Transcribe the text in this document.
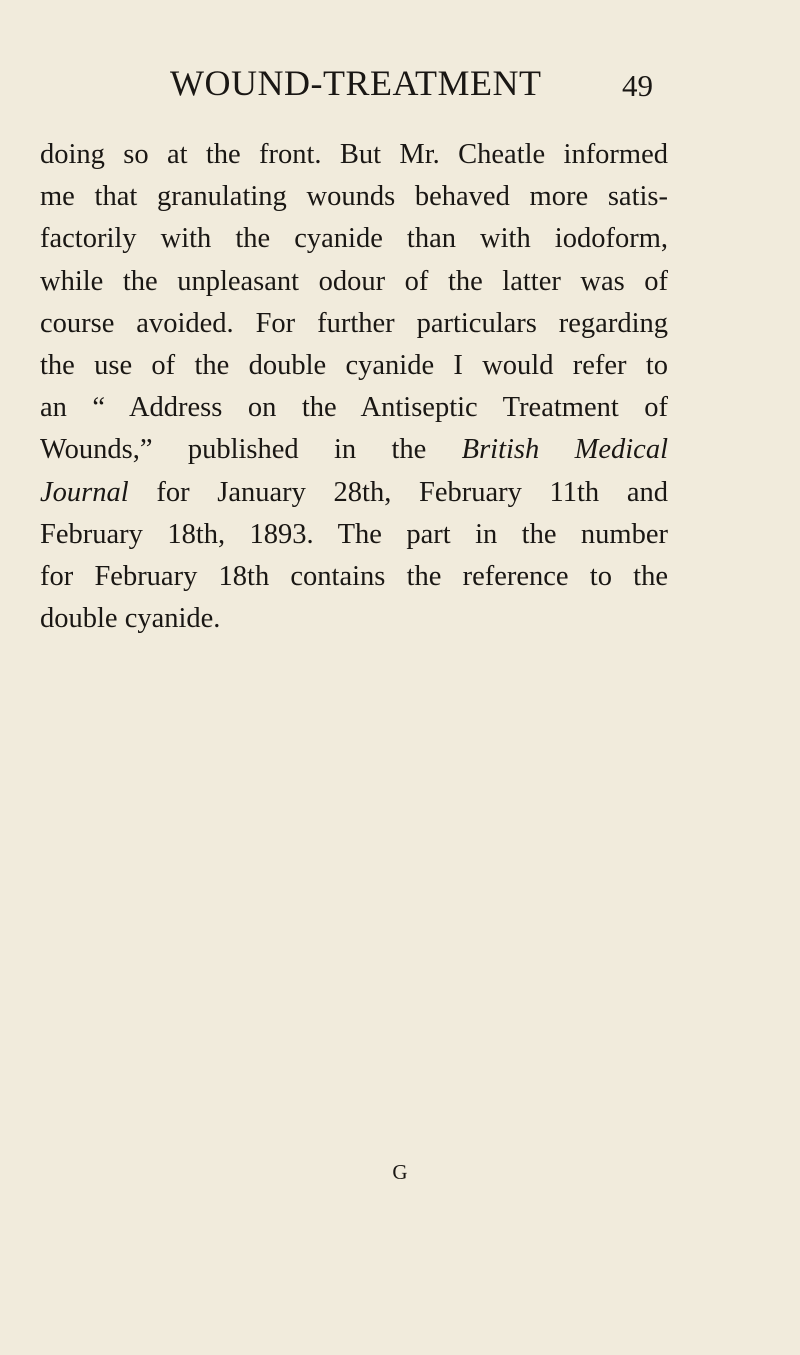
WOUND-TREATMENT	49
doing so at the front. But Mr. Cheatle informed
me that granulating wounds behaved more satis-
factorily with the cyanide than with iodoform,
while the unpleasant odour of the latter was of
course avoided. For further particulars regarding
the use of the double cyanide I would refer to
an “ Address on the Antiseptic Treatment of
Wounds,” published in the British Medical
Journal for January 28th, February 11th and
February 18th, 1893. The part in the number
for February 18th contains the reference to the
double cyanide.
G
